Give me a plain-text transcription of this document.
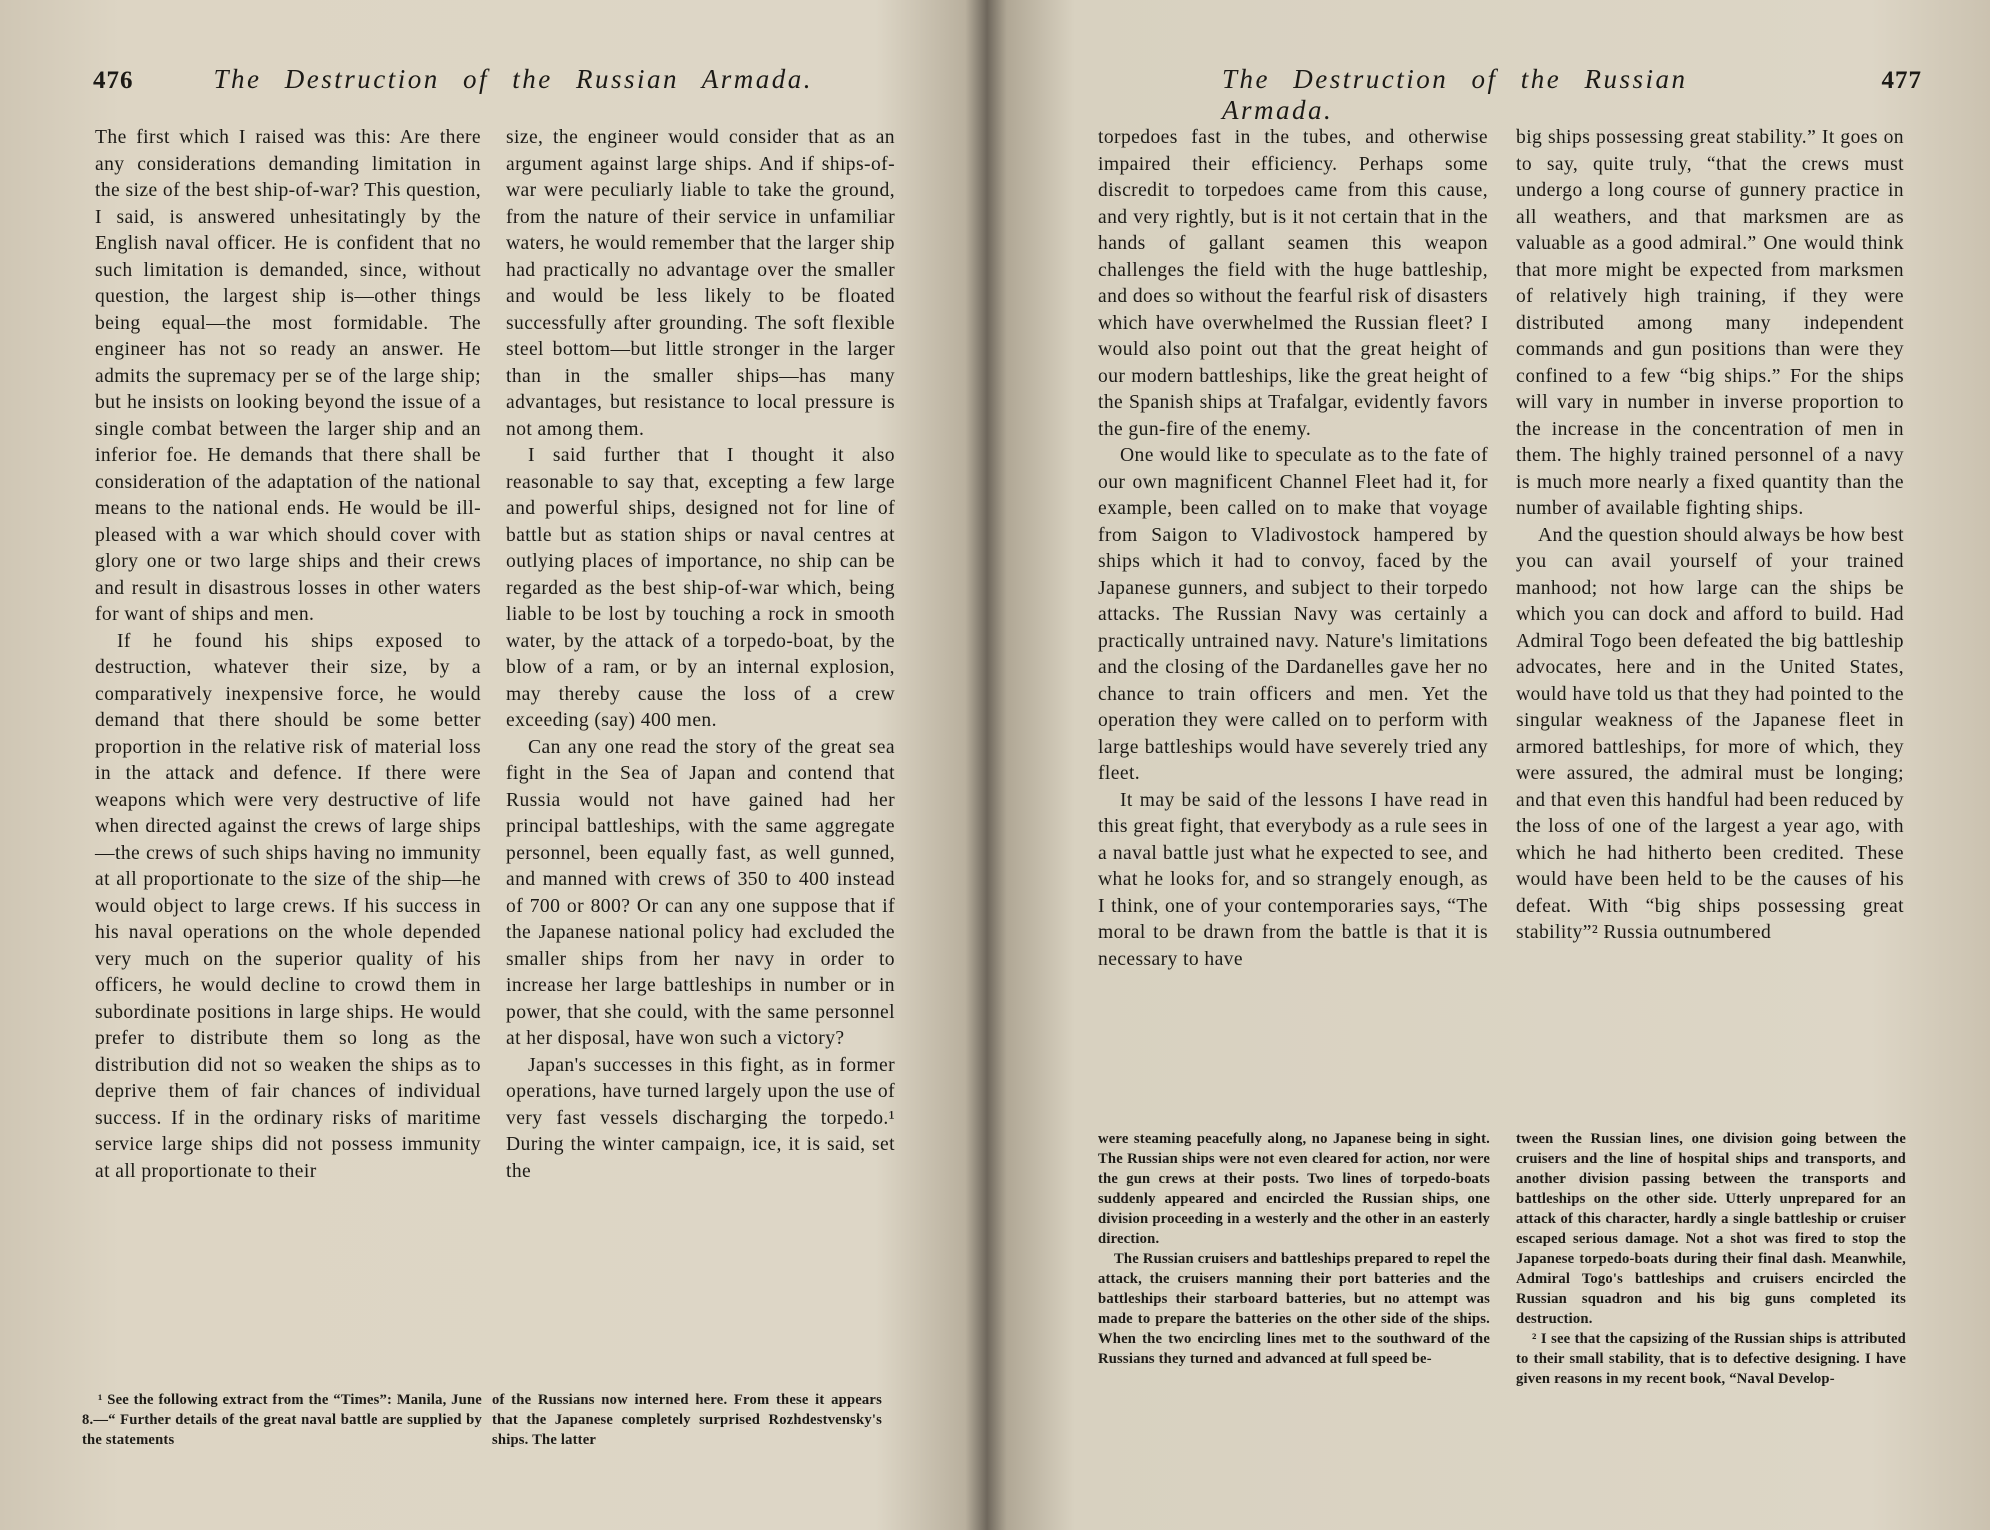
476	The Destruction of the Russian Armada.

The first which I raised was this: Are there any considerations demanding limitation in the size of the best ship-of-war? This question, I said, is answered unhesitatingly by the English naval officer. He is confident that no such limitation is demanded, since, without question, the largest ship is—other things being equal—the most formidable. The engineer has not so ready an answer. He admits the supremacy per se of the large ship; but he insists on looking beyond the issue of a single combat between the larger ship and an inferior foe. He demands that there shall be consideration of the adaptation of the national means to the national ends. He would be ill-pleased with a war which should cover with glory one or two large ships and their crews and result in disastrous losses in other waters for want of ships and men.

If he found his ships exposed to destruction, whatever their size, by a comparatively inexpensive force, he would demand that there should be some better proportion in the relative risk of material loss in the attack and defence. If there were weapons which were very destructive of life when directed against the crews of large ships—the crews of such ships having no immunity at all proportionate to the size of the ship—he would object to large crews. If his success in his naval operations on the whole depended very much on the superior quality of his officers, he would decline to crowd them in subordinate positions in large ships. He would prefer to distribute them so long as the distribution did not so weaken the ships as to deprive them of fair chances of individual success. If in the ordinary risks of maritime service large ships did not possess immunity at all proportionate to their

size, the engineer would consider that as an argument against large ships. And if ships-of-war were peculiarly liable to take the ground, from the nature of their service in unfamiliar waters, he would remember that the larger ship had practically no advantage over the smaller and would be less likely to be floated successfully after grounding. The soft flexible steel bottom—but little stronger in the larger than in the smaller ships—has many advantages, but resistance to local pressure is not among them.

I said further that I thought it also reasonable to say that, excepting a few large and powerful ships, designed not for line of battle but as station ships or naval centres at outlying places of importance, no ship can be regarded as the best ship-of-war which, being liable to be lost by touching a rock in smooth water, by the attack of a torpedo-boat, by the blow of a ram, or by an internal explosion, may thereby cause the loss of a crew exceeding (say) 400 men.

Can any one read the story of the great sea fight in the Sea of Japan and contend that Russia would not have gained had her principal battleships, with the same aggregate personnel, been equally fast, as well gunned, and manned with crews of 350 to 400 instead of 700 or 800? Or can any one suppose that if the Japanese national policy had excluded the smaller ships from her navy in order to increase her large battleships in number or in power, that she could, with the same personnel at her disposal, have won such a victory?

Japan's successes in this fight, as in former operations, have turned largely upon the use of very fast vessels discharging the torpedo.¹ During the winter campaign, ice, it is said, set the

¹ See the following extract from the “Times”: Manila, June 8.—“ Further details of the great naval battle are supplied by the statements

of the Russians now interned here. From these it appears that the Japanese completely surprised Rozhdestvensky's ships. The latter

The Destruction of the Russian Armada.
477

torpedoes fast in the tubes, and otherwise impaired their efficiency. Perhaps some discredit to torpedoes came from this cause, and very rightly, but is it not certain that in the hands of gallant seamen this weapon challenges the field with the huge battleship, and does so without the fearful risk of disasters which have overwhelmed the Russian fleet? I would also point out that the great height of our modern battleships, like the great height of the Spanish ships at Trafalgar, evidently favors the gun-fire of the enemy.

One would like to speculate as to the fate of our own magnificent Channel Fleet had it, for example, been called on to make that voyage from Saigon to Vladivostock hampered by ships which it had to convoy, faced by the Japanese gunners, and subject to their torpedo attacks. The Russian Navy was certainly a practically untrained navy. Nature's limitations and the closing of the Dardanelles gave her no chance to train officers and men. Yet the operation they were called on to perform with large battleships would have severely tried any fleet.

It may be said of the lessons I have read in this great fight, that everybody as a rule sees in a naval battle just what he expected to see, and what he looks for, and so strangely enough, as I think, one of your contemporaries says, “The moral to be drawn from the battle is that it is necessary to have

big ships possessing great stability.” It goes on to say, quite truly, “that the crews must undergo a long course of gunnery practice in all weathers, and that marksmen are as valuable as a good admiral.” One would think that more might be expected from marksmen of relatively high training, if they were distributed among many independent commands and gun positions than were they confined to a few “big ships.” For the ships will vary in number in inverse proportion to the increase in the concentration of men in them. The highly trained personnel of a navy is much more nearly a fixed quantity than the number of available fighting ships.

And the question should always be how best you can avail yourself of your trained manhood; not how large can the ships be which you can dock and afford to build. Had Admiral Togo been defeated the big battleship advocates, here and in the United States, would have told us that they had pointed to the singular weakness of the Japanese fleet in armored battleships, for more of which, they were assured, the admiral must be longing; and that even this handful had been reduced by the loss of one of the largest a year ago, with which he had hitherto been credited. These would have been held to be the causes of his defeat. With “big ships possessing great stability”² Russia outnumbered

were steaming peacefully along, no Japanese being in sight. The Russian ships were not even cleared for action, nor were the gun crews at their posts. Two lines of torpedo-boats suddenly appeared and encircled the Russian ships, one division proceeding in a westerly and the other in an easterly direction.

The Russian cruisers and battleships prepared to repel the attack, the cruisers manning their port batteries and the battleships their starboard batteries, but no attempt was made to prepare the batteries on the other side of the ships. When the two encircling lines met to the southward of the Russians they turned and advanced at full speed be-

tween the Russian lines, one division going between the cruisers and the line of hospital ships and transports, and another division passing between the transports and battleships on the other side. Utterly unprepared for an attack of this character, hardly a single battleship or cruiser escaped serious damage. Not a shot was fired to stop the Japanese torpedo-boats during their final dash. Meanwhile, Admiral Togo's battleships and cruisers encircled the Russian squadron and his big guns completed its destruction.

² I see that the capsizing of the Russian ships is attributed to their small stability, that is to defective designing. I have given reasons in my recent book, “Naval Develop-
